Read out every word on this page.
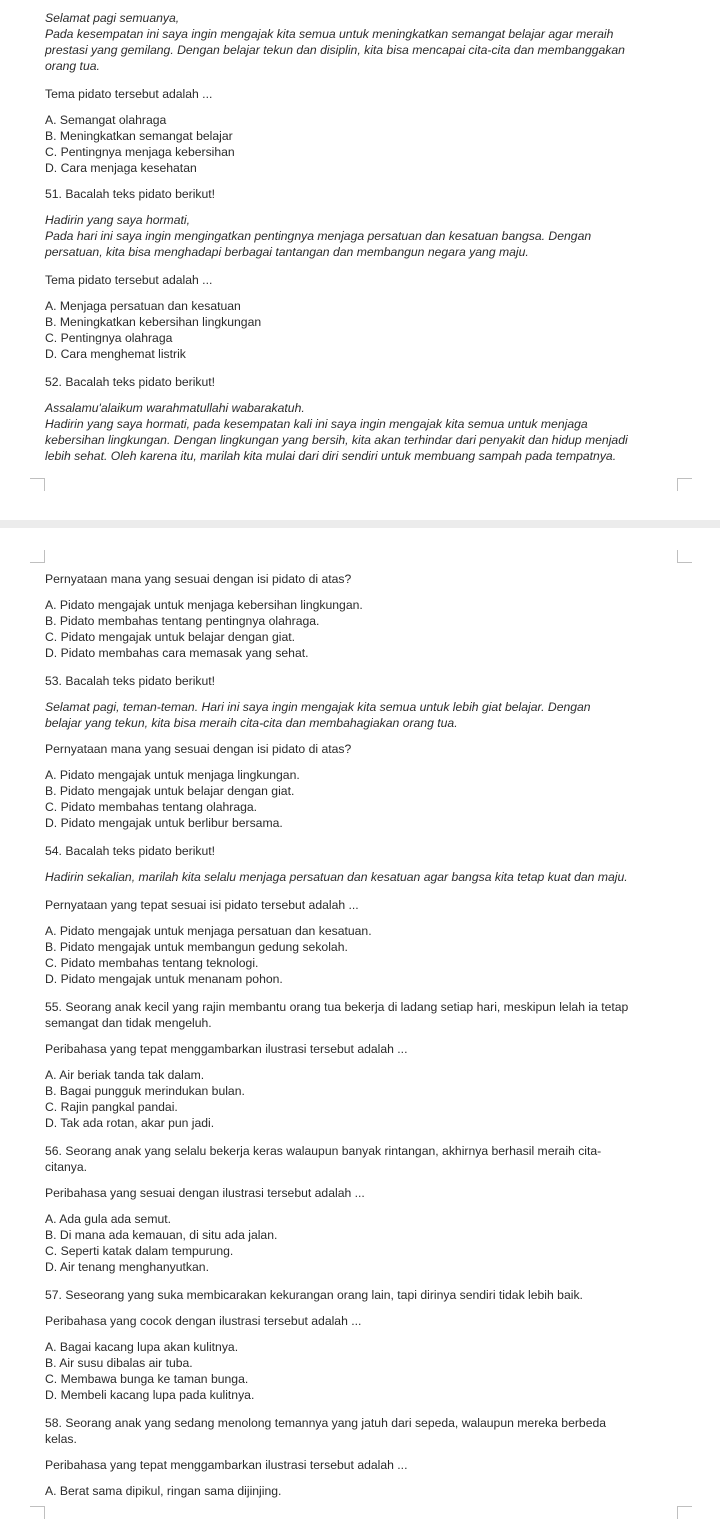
Selamat pagi semuanya,
Pada kesempatan ini saya ingin mengajak kita semua untuk meningkatkan semangat belajar agar meraih
prestasi yang gemilang. Dengan belajar tekun dan disiplin, kita bisa mencapai cita-cita dan membanggakan
orang tua.
Tema pidato tersebut adalah ...
A. Semangat olahraga
B. Meningkatkan semangat belajar
C. Pentingnya menjaga kebersihan
D. Cara menjaga kesehatan
51. Bacalah teks pidato berikut!
Hadirin yang saya hormati,
Pada hari ini saya ingin mengingatkan pentingnya menjaga persatuan dan kesatuan bangsa. Dengan
persatuan, kita bisa menghadapi berbagai tantangan dan membangun negara yang maju.
Tema pidato tersebut adalah ...
A. Menjaga persatuan dan kesatuan
B. Meningkatkan kebersihan lingkungan
C. Pentingnya olahraga
D. Cara menghemat listrik
52. Bacalah teks pidato berikut!
Assalamu'alaikum warahmatullahi wabarakatuh.
Hadirin yang saya hormati, pada kesempatan kali ini saya ingin mengajak kita semua untuk menjaga
kebersihan lingkungan. Dengan lingkungan yang bersih, kita akan terhindar dari penyakit dan hidup menjadi
lebih sehat. Oleh karena itu, marilah kita mulai dari diri sendiri untuk membuang sampah pada tempatnya.
Pernyataan mana yang sesuai dengan isi pidato di atas?
A. Pidato mengajak untuk menjaga kebersihan lingkungan.
B. Pidato membahas tentang pentingnya olahraga.
C. Pidato mengajak untuk belajar dengan giat.
D. Pidato membahas cara memasak yang sehat.
53. Bacalah teks pidato berikut!
Selamat pagi, teman-teman. Hari ini saya ingin mengajak kita semua untuk lebih giat belajar. Dengan
belajar yang tekun, kita bisa meraih cita-cita dan membahagiakan orang tua.
Pernyataan mana yang sesuai dengan isi pidato di atas?
A. Pidato mengajak untuk menjaga lingkungan.
B. Pidato mengajak untuk belajar dengan giat.
C. Pidato membahas tentang olahraga.
D. Pidato mengajak untuk berlibur bersama.
54. Bacalah teks pidato berikut!
Hadirin sekalian, marilah kita selalu menjaga persatuan dan kesatuan agar bangsa kita tetap kuat dan maju.
Pernyataan yang tepat sesuai isi pidato tersebut adalah ...
A. Pidato mengajak untuk menjaga persatuan dan kesatuan.
B. Pidato mengajak untuk membangun gedung sekolah.
C. Pidato membahas tentang teknologi.
D. Pidato mengajak untuk menanam pohon.
55. Seorang anak kecil yang rajin membantu orang tua bekerja di ladang setiap hari, meskipun lelah ia tetap
semangat dan tidak mengeluh.
Peribahasa yang tepat menggambarkan ilustrasi tersebut adalah ...
A. Air beriak tanda tak dalam.
B. Bagai pungguk merindukan bulan.
C. Rajin pangkal pandai.
D. Tak ada rotan, akar pun jadi.
56. Seorang anak yang selalu bekerja keras walaupun banyak rintangan, akhirnya berhasil meraih cita-
citanya.
Peribahasa yang sesuai dengan ilustrasi tersebut adalah ...
A. Ada gula ada semut.
B. Di mana ada kemauan, di situ ada jalan.
C. Seperti katak dalam tempurung.
D. Air tenang menghanyutkan.
57. Seseorang yang suka membicarakan kekurangan orang lain, tapi dirinya sendiri tidak lebih baik.
Peribahasa yang cocok dengan ilustrasi tersebut adalah ...
A. Bagai kacang lupa akan kulitnya.
B. Air susu dibalas air tuba.
C. Membawa bunga ke taman bunga.
D. Membeli kacang lupa pada kulitnya.
58. Seorang anak yang sedang menolong temannya yang jatuh dari sepeda, walaupun mereka berbeda
kelas.
Peribahasa yang tepat menggambarkan ilustrasi tersebut adalah ...
A. Berat sama dipikul, ringan sama dijinjing.
